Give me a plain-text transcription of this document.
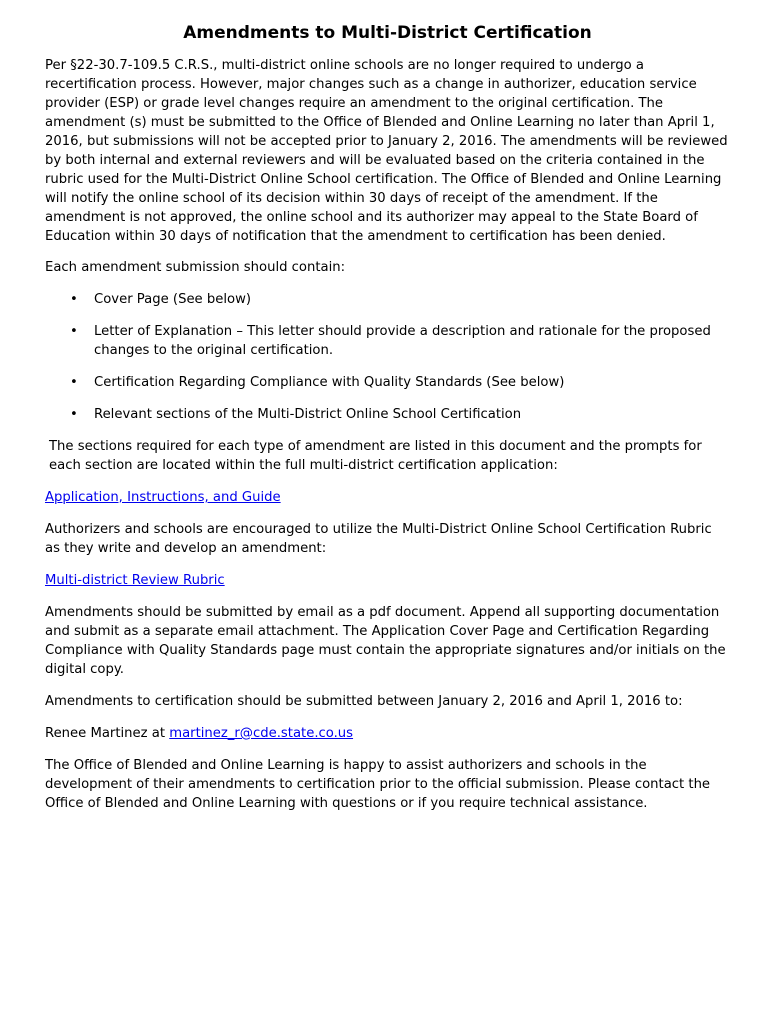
Amendments to Multi-District Certification

Per §22-30.7-109.5 C.R.S., multi-district online schools are no longer required to undergo a recertification process. However, major changes such as a change in authorizer, education service provider (ESP) or grade level changes require an amendment to the original certification. The amendment (s) must be submitted to the Office of Blended and Online Learning no later than April 1, 2016, but submissions will not be accepted prior to January 2, 2016. The amendments will be reviewed by both internal and external reviewers and will be evaluated based on the criteria contained in the rubric used for the Multi-District Online School certification. The Office of Blended and Online Learning will notify the online school of its decision within 30 days of receipt of the amendment. If the amendment is not approved, the online school and its authorizer may appeal to the State Board of Education within 30 days of notification that the amendment to certification has been denied.

Each amendment submission should contain:

• Cover Page (See below)
• Letter of Explanation – This letter should provide a description and rationale for the proposed changes to the original certification.
• Certification Regarding Compliance with Quality Standards (See below)
• Relevant sections of the Multi-District Online School Certification

The sections required for each type of amendment are listed in this document and the prompts for each section are located within the full multi-district certification application:

Application, Instructions, and Guide

Authorizers and schools are encouraged to utilize the Multi-District Online School Certification Rubric as they write and develop an amendment:

Multi-district Review Rubric

Amendments should be submitted by email as a pdf document. Append all supporting documentation and submit as a separate email attachment. The Application Cover Page and Certification Regarding Compliance with Quality Standards page must contain the appropriate signatures and/or initials on the digital copy.

Amendments to certification should be submitted between January 2, 2016 and April 1, 2016 to:

Renee Martinez at martinez_r@cde.state.co.us

The Office of Blended and Online Learning is happy to assist authorizers and schools in the development of their amendments to certification prior to the official submission. Please contact the Office of Blended and Online Learning with questions or if you require technical assistance.
